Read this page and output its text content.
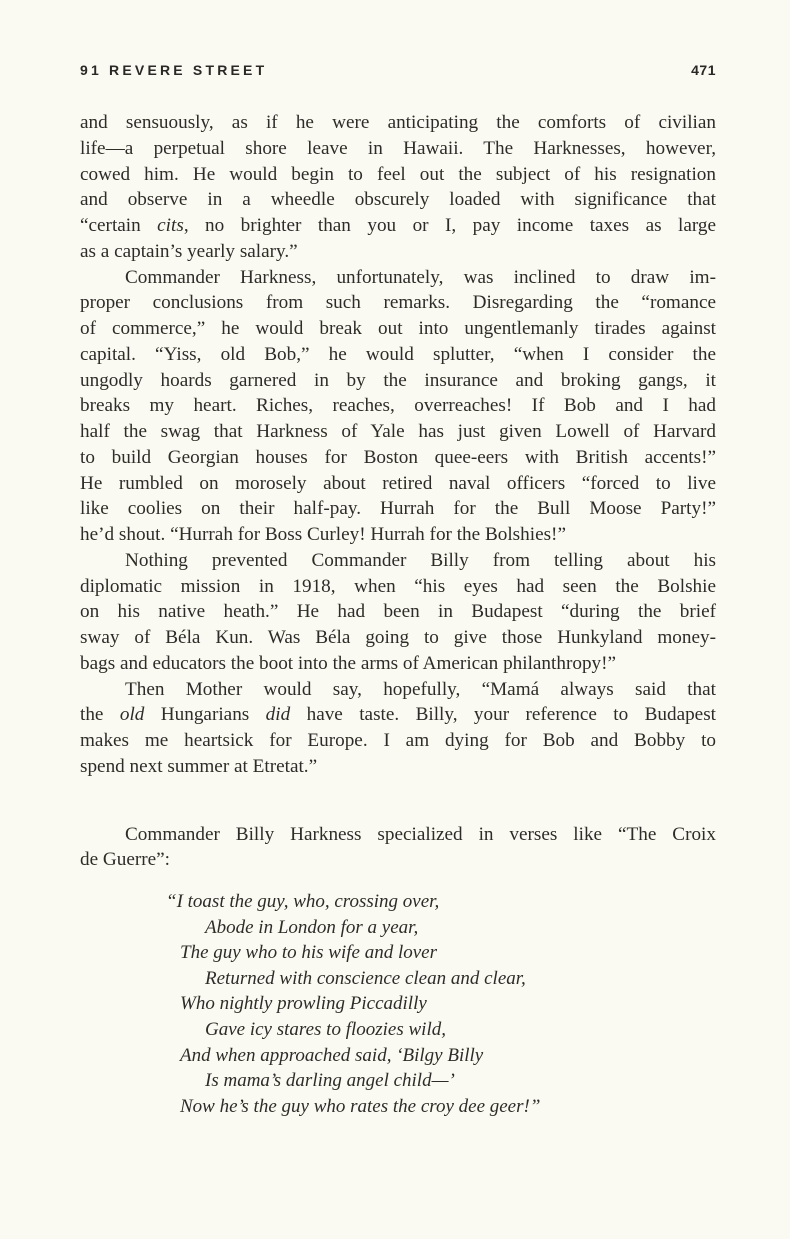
91 REVERE STREET	471
and sensuously, as if he were anticipating the comforts of civilian
life—a perpetual shore leave in Hawaii. The Harknesses, however,
cowed him. He would begin to feel out the subject of his resignation
and observe in a wheedle obscurely loaded with significance that
“certain cits, no brighter than you or I, pay income taxes as large
as a captain’s yearly salary.”
Commander Harkness, unfortunately, was inclined to draw im-
proper conclusions from such remarks. Disregarding the “romance
of commerce,” he would break out into ungentlemanly tirades against
capital. “Yiss, old Bob,” he would splutter, “when I consider the
ungodly hoards garnered in by the insurance and broking gangs, it
breaks my heart. Riches, reaches, overreaches! If Bob and I had
half the swag that Harkness of Yale has just given Lowell of Harvard
to build Georgian houses for Boston quee-eers with British accents!”
He rumbled on morosely about retired naval officers “forced to live
like coolies on their half-pay. Hurrah for the Bull Moose Party!”
he’d shout. “Hurrah for Boss Curley! Hurrah for the Bolshies!”
Nothing prevented Commander Billy from telling about his
diplomatic mission in 1918, when “his eyes had seen the Bolshie
on his native heath.” He had been in Budapest “during the brief
sway of Béla Kun. Was Béla going to give those Hunkyland money-
bags and educators the boot into the arms of American philanthropy!”
Then Mother would say, hopefully, “Mamá always said that
the old Hungarians did have taste. Billy, your reference to Budapest
makes me heartsick for Europe. I am dying for Bob and Bobby to
spend next summer at Etretat.”
Commander Billy Harkness specialized in verses like “The Croix
de Guerre”:
“I toast the guy, who, crossing over,
Abode in London for a year,
The guy who to his wife and lover
Returned with conscience clean and clear,
Who nightly prowling Piccadilly
Gave icy stares to floozies wild,
And when approached said, ‘Bilgy Billy
Is mama’s darling angel child—’
Now he’s the guy who rates the croy dee geer!”
